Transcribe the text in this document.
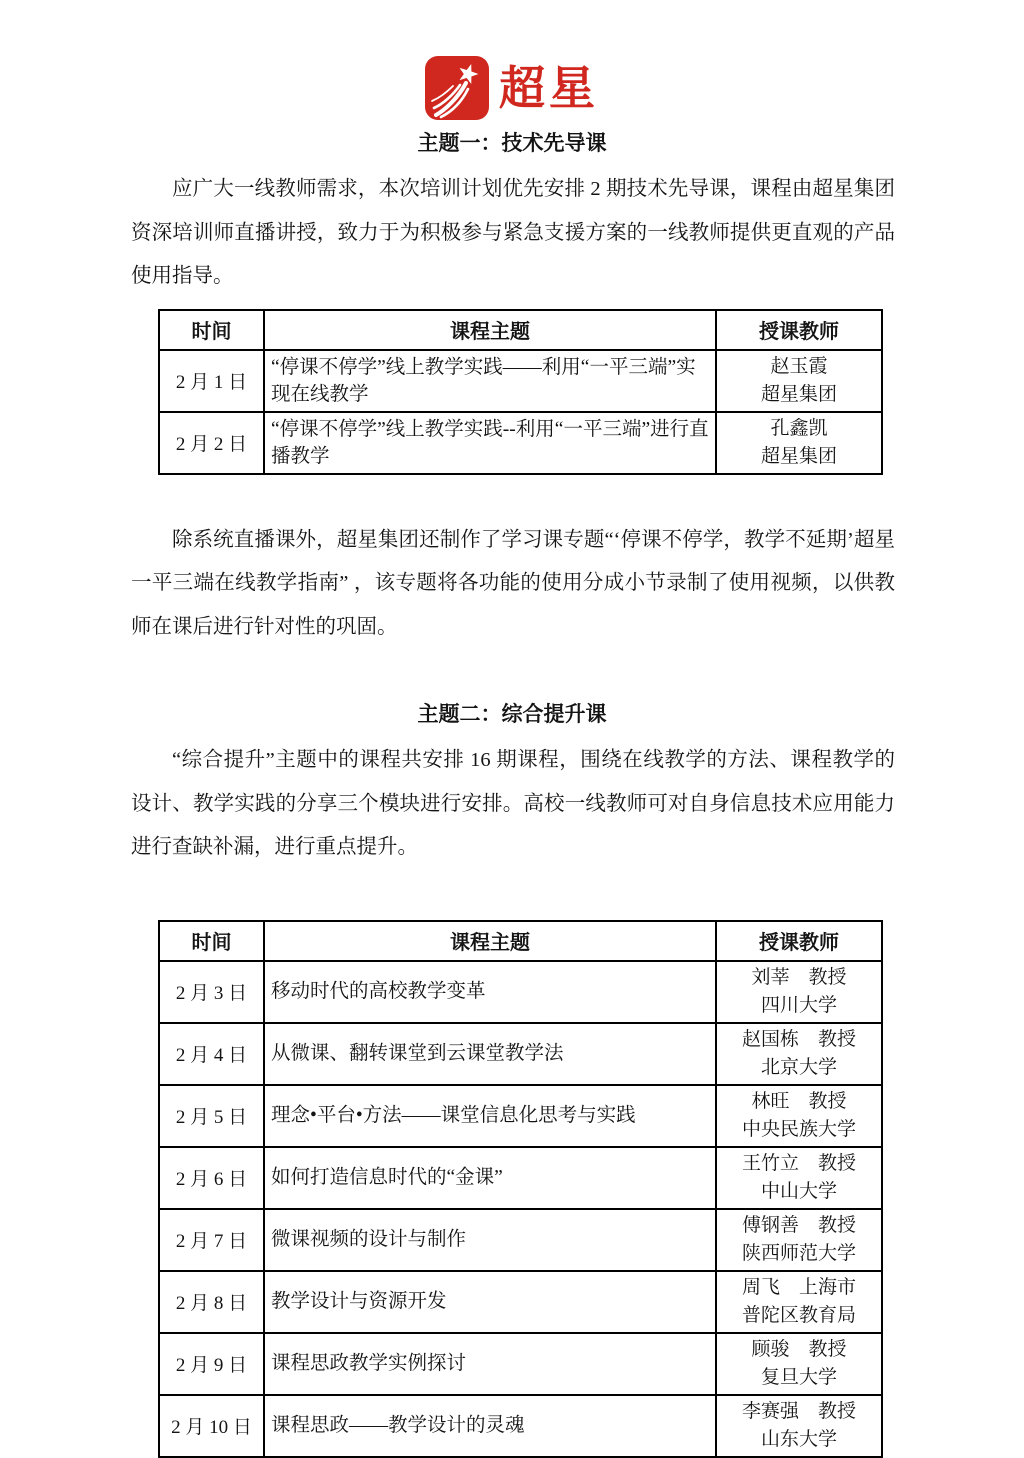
超星
主题一：技术先导课

应广大一线教师需求，本次培训计划优先安排 2 期技术先导课，课程由超星集团资深培训师直播讲授，致力于为积极参与紧急支援方案的一线教师提供更直观的产品使用指导。

时间	课程主题	授课教师
2 月 1 日	“停课不停学”线上教学实践——利用“一平三端”实现在线教学	赵玉霞
超星集团

2 月 2 日	“停课不停学”线上教学实践--利用“一平三端”进行直播教学	孔鑫凯
超星集团

除系统直播课外，超星集团还制作了学习课专题“‘停课不停学，教学不延期’超星一平三端在线教学指南” ，该专题将各功能的使用分成小节录制了使用视频，以供教师在课后进行针对性的巩固。

主题二：综合提升课

“综合提升”主题中的课程共安排 16 期课程，围绕在线教学的方法、课程教学的设计、教学实践的分享三个模块进行安排。高校一线教师可对自身信息技术应用能力进行查缺补漏，进行重点提升。

时间	课程主题	授课教师
2 月 3 日	移动时代的高校教学变革	刘莘　教授
四川大学

2 月 4 日	从微课、翻转课堂到云课堂教学法	赵国栋　教授
北京大学

2 月 5 日	理念•平台•方法——课堂信息化思考与实践	林旺　教授
中央民族大学

2 月 6 日	如何打造信息时代的“金课”	王竹立　教授
中山大学

2 月 7 日	微课视频的设计与制作	傅钢善　教授
陕西师范大学

2 月 8 日	教学设计与资源开发	周飞　上海市
普陀区教育局

2 月 9 日	课程思政教学实例探讨	顾骏　教授
复旦大学

2 月 10 日	课程思政——教学设计的灵魂	李赛强　教授
山东大学
